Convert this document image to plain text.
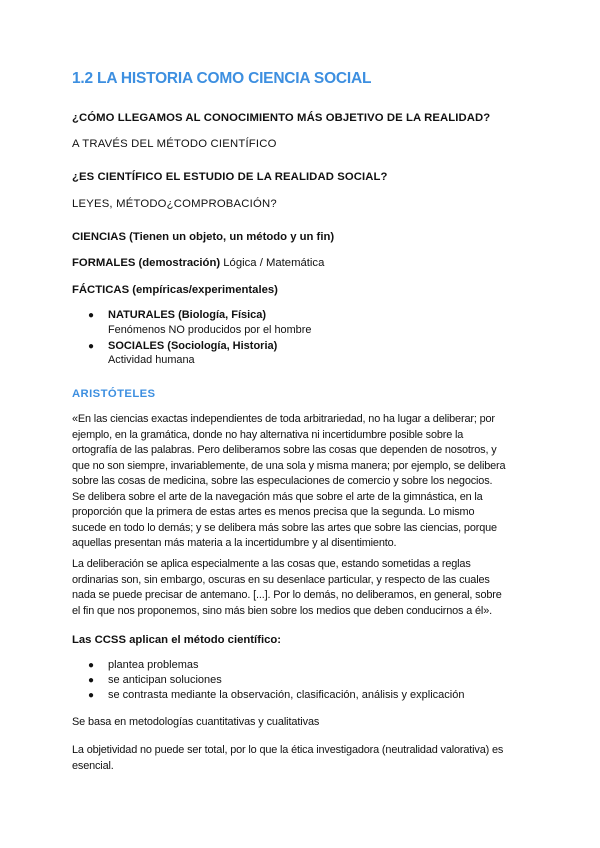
1.2 LA HISTORIA COMO CIENCIA SOCIAL
¿CÓMO LLEGAMOS AL CONOCIMIENTO MÁS OBJETIVO DE LA REALIDAD?
A TRAVÉS DEL MÉTODO CIENTÍFICO
¿ES CIENTÍFICO EL ESTUDIO DE LA REALIDAD SOCIAL?
LEYES, MÉTODO¿COMPROBACIÓN?
CIENCIAS (Tienen un objeto, un método y un fin)
FORMALES (demostración) Lógica / Matemática
FÁCTICAS (empíricas/experimentales)
● NATURALES (Biología, Física)
Fenómenos NO producidos por el hombre
● SOCIALES (Sociología, Historia)
Actividad humana
ARISTÓTELES
«En las ciencias exactas independientes de toda arbitrariedad, no ha lugar a deliberar; por
ejemplo, en la gramática, donde no hay alternativa ni incertidumbre posible sobre la
ortografía de las palabras. Pero deliberamos sobre las cosas que dependen de nosotros, y
que no son siempre, invariablemente, de una sola y misma manera; por ejemplo, se delibera
sobre las cosas de medicina, sobre las especulaciones de comercio y sobre los negocios.
Se delibera sobre el arte de la navegación más que sobre el arte de la gimnástica, en la
proporción que la primera de estas artes es menos precisa que la segunda. Lo mismo
sucede en todo lo demás; y se delibera más sobre las artes que sobre las ciencias, porque
aquellas presentan más materia a la incertidumbre y al disentimiento.
La deliberación se aplica especialmente a las cosas que, estando sometidas a reglas
ordinarias son, sin embargo, oscuras en su desenlace particular, y respecto de las cuales
nada se puede precisar de antemano. [...]. Por lo demás, no deliberamos, en general, sobre
el fin que nos proponemos, sino más bien sobre los medios que deben conducirnos a él».
Las CCSS aplican el método científico:
● plantea problemas
● se anticipan soluciones
● se contrasta mediante la observación, clasificación, análisis y explicación
Se basa en metodologías cuantitativas y cualitativas
La objetividad no puede ser total, por lo que la ética investigadora (neutralidad valorativa) es
esencial.
